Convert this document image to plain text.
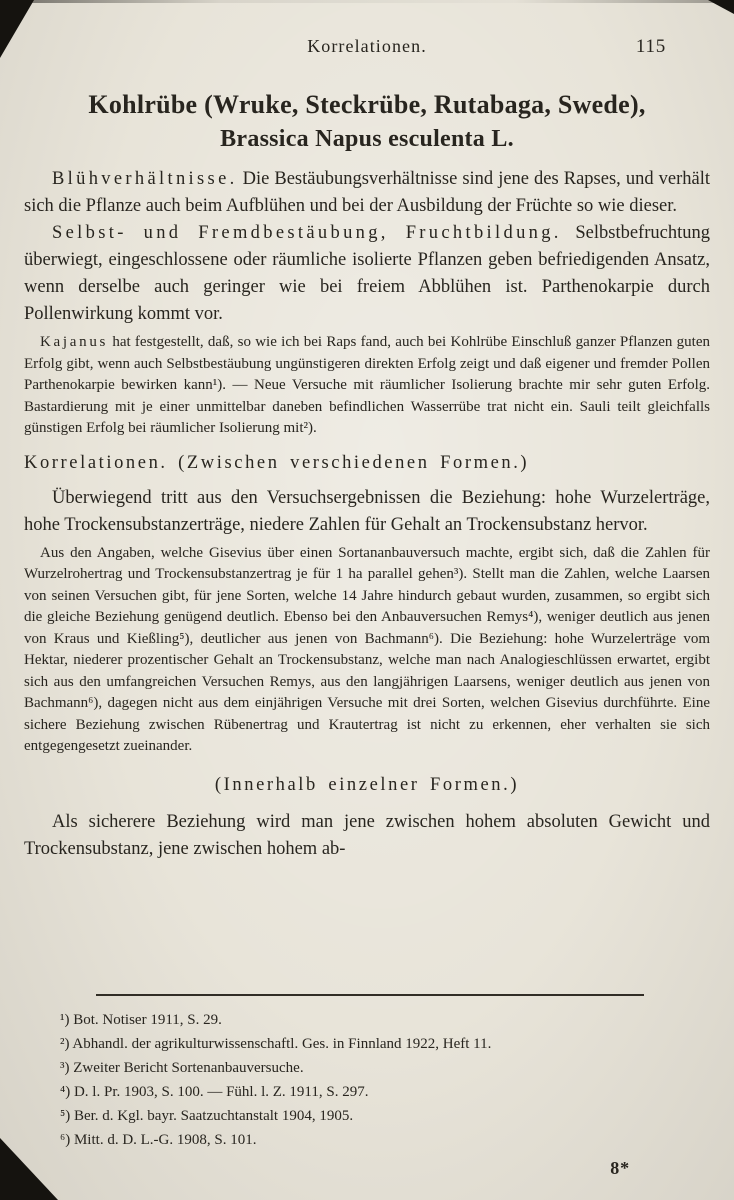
Korrelationen.	115
Kohlrübe (Wruke, Steckrübe, Rutabaga, Swede),
Brassica Napus esculenta L.

Blühverhältnisse. Die Bestäubungsverhältnisse sind jene des Rapses, und verhält sich die Pflanze auch beim Aufblühen und bei der Ausbildung der Früchte so wie dieser.

Selbst- und Fremdbestäubung, Fruchtbildung. Selbstbefruchtung überwiegt, eingeschlossene oder räumliche isolierte Pflanzen geben befriedigenden Ansatz, wenn derselbe auch geringer wie bei freiem Abblühen ist. Parthenokarpie durch Pollenwirkung kommt vor.

Kajanus hat festgestellt, daß, so wie ich bei Raps fand, auch bei Kohlrübe Einschluß ganzer Pflanzen guten Erfolg gibt, wenn auch Selbstbestäubung ungünstigeren direkten Erfolg zeigt und daß eigener und fremder Pollen Parthenokarpie bewirken kann¹). — Neue Versuche mit räumlicher Isolierung brachte mir sehr guten Erfolg. Bastardierung mit je einer unmittelbar daneben befindlichen Wasserrübe trat nicht ein. Sauli teilt gleichfalls günstigen Erfolg bei räumlicher Isolierung mit²).

Korrelationen. (Zwischen verschiedenen Formen.)

Überwiegend tritt aus den Versuchsergebnissen die Beziehung: hohe Wurzelerträge, hohe Trockensubstanzerträge, niedere Zahlen für Gehalt an Trockensubstanz hervor.

Aus den Angaben, welche Gisevius über einen Sortananbauversuch machte, ergibt sich, daß die Zahlen für Wurzelrohertrag und Trockensubstanzertrag je für 1 ha parallel gehen³). Stellt man die Zahlen, welche Laarsen von seinen Versuchen gibt, für jene Sorten, welche 14 Jahre hindurch gebaut wurden, zusammen, so ergibt sich die gleiche Beziehung genügend deutlich. Ebenso bei den Anbauversuchen Remys⁴), weniger deutlich aus jenen von Kraus und Kießling⁵), deutlicher aus jenen von Bachmann⁶). Die Beziehung: hohe Wurzelerträge vom Hektar, niederer prozentischer Gehalt an Trockensubstanz, welche man nach Analogieschlüssen erwartet, ergibt sich aus den umfangreichen Versuchen Remys, aus den langjährigen Laarsens, weniger deutlich aus jenen von Bachmann⁶), dagegen nicht aus dem einjährigen Versuche mit drei Sorten, welchen Gisevius durchführte. Eine sichere Beziehung zwischen Rübenertrag und Krautertrag ist nicht zu erkennen, eher verhalten sie sich entgegengesetzt zueinander.

(Innerhalb einzelner Formen.)

Als sicherere Beziehung wird man jene zwischen hohem absoluten Gewicht und Trockensubstanz, jene zwischen hohem ab-

¹) Bot. Notiser 1911, S. 29.

²) Abhandl. der agrikulturwissenschaftl. Ges. in Finnland 1922, Heft 11.

³) Zweiter Bericht Sortenanbauversuche.

⁴) D. l. Pr. 1903, S. 100. — Fühl. l. Z. 1911, S. 297.

⁵) Ber. d. Kgl. bayr. Saatzuchtanstalt 1904, 1905.

⁶) Mitt. d. D. L.-G. 1908, S. 101.

8*
